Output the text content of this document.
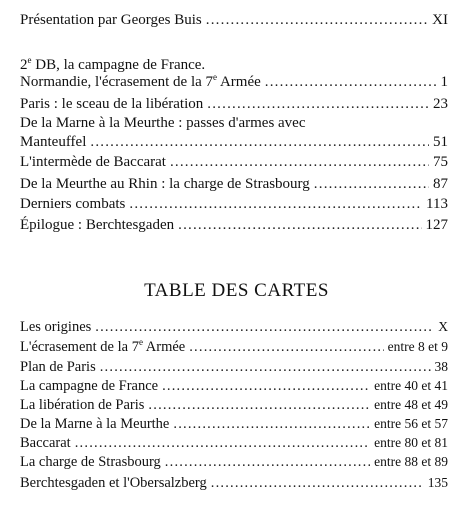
Présentation par Georges Buis .....	XI
2e DB, la campagne de France.
Normandie, l'écrasement de la 7e Armée .....	1
Paris : le sceau de la libération .....	23
De la Marne à la Meurthe : passes d'armes avec
Manteuffel .....	51
L'intermède de Baccarat .....	75
De la Meurthe au Rhin : la charge de Strasbourg .....	87
Derniers combats .....	113
Épilogue : Berchtesgaden .....	127
TABLE DES CARTES
Les origines .....	X
L'écrasement de la 7e Armée .....	entre 8 et 9
Plan de Paris .....	38
La campagne de France .....	entre 40 et 41
La libération de Paris .....	entre 48 et 49
De la Marne à la Meurthe .....	entre 56 et 57
Baccarat .....	entre 80 et 81
La charge de Strasbourg .....	entre 88 et 89
Berchtesgaden et l'Obersalzberg .....	135
